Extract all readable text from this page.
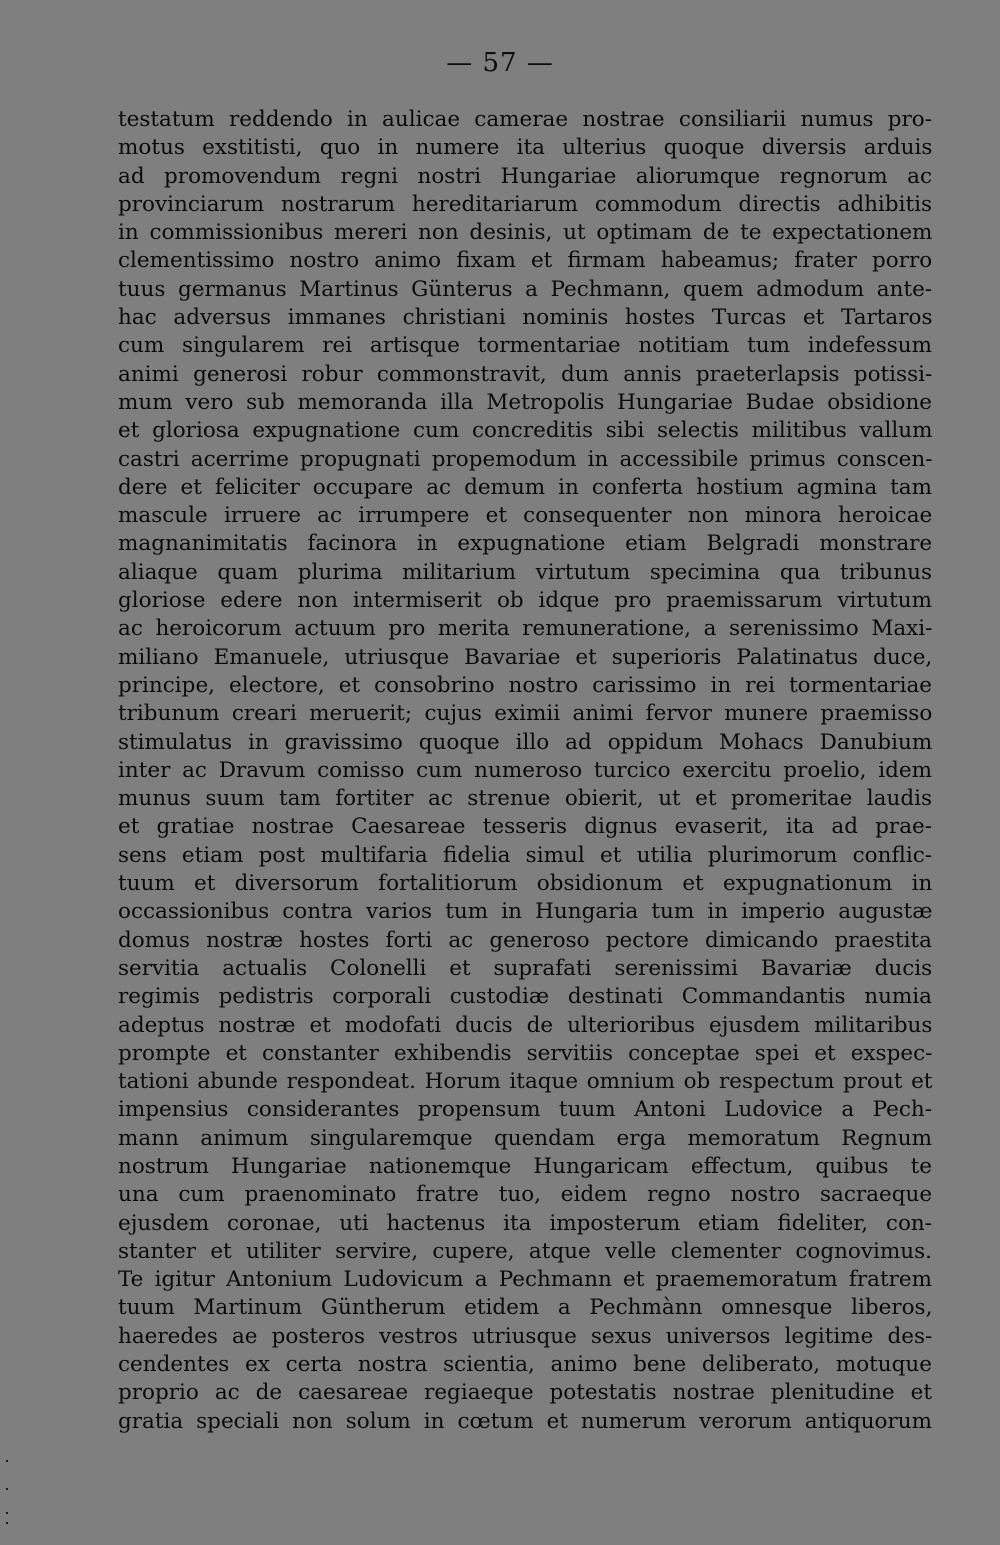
— 57 —
testatum reddendo in aulicae camerae nostrae consiliarii numus pro-
motus exstitisti, quo in numere ita ulterius quoque diversis arduis
ad promovendum regni nostri Hungariae aliorumque regnorum ac
provinciarum nostrarum hereditariarum commodum directis adhibitis
in commissionibus mereri non desinis, ut optimam de te expectationem
clementissimo nostro animo fixam et firmam habeamus; frater porro
tuus germanus Martinus Günterus a Pechmann, quem admodum ante-
hac adversus immanes christiani nominis hostes Turcas et Tartaros
cum singularem rei artisque tormentariae notitiam tum indefessum
animi generosi robur commonstravit, dum annis praeterlapsis potissi-
mum vero sub memoranda illa Metropolis Hungariae Budae obsidione
et gloriosa expugnatione cum concreditis sibi selectis militibus vallum
castri acerrime propugnati propemodum in accessibile primus conscen-
dere et feliciter occupare ac demum in conferta hostium agmina tam
mascule irruere ac irrumpere et consequenter non minora heroicae
magnanimitatis facinora in expugnatione etiam Belgradi monstrare
aliaque quam plurima militarium virtutum specimina qua tribunus
gloriose edere non intermiserit ob idque pro praemissarum virtutum
ac heroicorum actuum pro merita remuneratione, a serenissimo Maxi-
miliano Emanuele, utriusque Bavariae et superioris Palatinatus duce,
principe, electore, et consobrino nostro carissimo in rei tormentariae
tribunum creari meruerit; cujus eximii animi fervor munere praemisso
stimulatus in gravissimo quoque illo ad oppidum Mohacs Danubium
inter ac Dravum comisso cum numeroso turcico exercitu proelio, idem
munus suum tam fortiter ac strenue obierit, ut et promeritae laudis
et gratiae nostrae Caesareae tesseris dignus evaserit, ita ad prae-
sens etiam post multifaria fidelia simul et utilia plurimorum conflic-
tuum et diversorum fortalitiorum obsidionum et expugnationum in
occassionibus contra varios tum in Hungaria tum in imperio augustæ
domus nostræ hostes forti ac generoso pectore dimicando praestita
servitia actualis Colonelli et suprafati serenissimi Bavariæ ducis
regimis pedistris corporali custodiæ destinati Commandantis numia
adeptus nostræ et modofati ducis de ulterioribus ejusdem militaribus
prompte et constanter exhibendis servitiis conceptae spei et exspec-
tationi abunde respondeat. Horum itaque omnium ob respectum prout et
impensius considerantes propensum tuum Antoni Ludovice a Pech-
mann animum singularemque quendam erga memoratum Regnum
nostrum Hungariae nationemque Hungaricam effectum, quibus te
una cum praenominato fratre tuo, eidem regno nostro sacraeque
ejusdem coronae, uti hactenus ita imposterum etiam fideliter, con-
stanter et utiliter servire, cupere, atque velle clementer cognovimus.
Te igitur Antonium Ludovicum a Pechmann et praememoratum fratrem
tuum Martinum Güntherum etidem a Pechmànn omnesque liberos,
haeredes ae posteros vestros utriusque sexus universos legitime des-
cendentes ex certa nostra scientia, animo bene deliberato, motuque
proprio ac de caesareae regiaeque potestatis nostrae plenitudine et
gratia speciali non solum in cœtum et numerum verorum antiquorum
